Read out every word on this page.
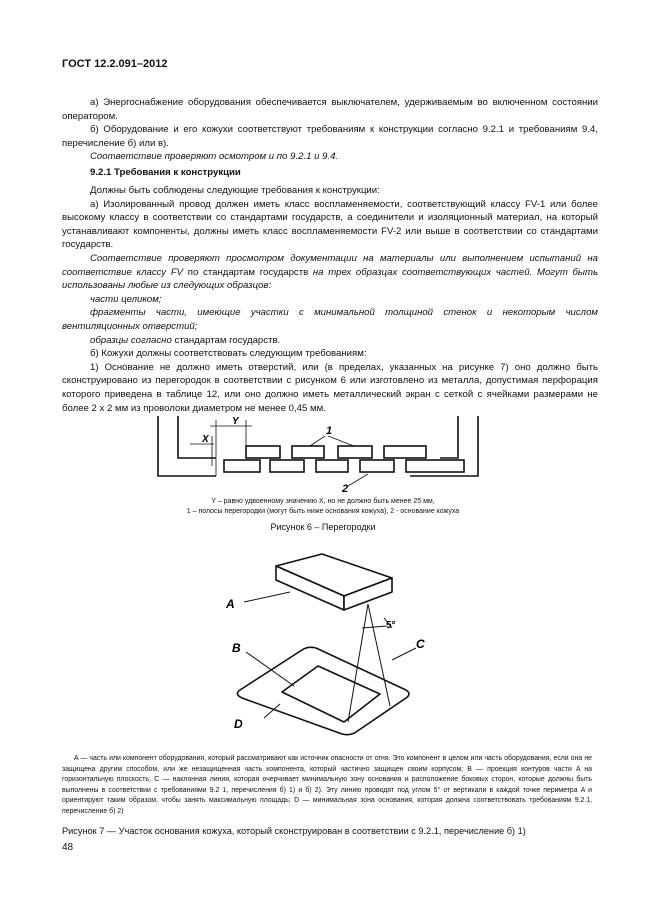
ГОСТ 12.2.091–2012

а) Энергоснабжение оборудования обеспечивается выключателем, удерживаемым во включенном состоянии оператором.

б) Оборудование и его кожухи соответствуют требованиям к конструкции согласно 9.2.1 и требованиям 9.4, перечисление б) или в).

Соответствие проверяют осмотром и по 9.2.1 и 9.4.

9.2.1 Требования к конструкции

Должны быть соблюдены следующие требования к конструкции:

а) Изолированный провод должен иметь класс воспламеняемости, соответствующий классу FV-1 или более высокому классу в соответствии со стандартами государств, а соединители и изоляционный материал, на который устанавливают компоненты, должны иметь класс воспламеняемости FV-2 или выше в соответствии со стандартами государств.

Соответствие проверяют просмотром документации на материалы или выполнением испытаний на соответствие классу FV по стандартам государств на трех образцах соответствующих частей. Могут быть использованы любые из следующих образцов:

части целиком;

фрагменты части, имеющие участки с минимальной толщиной стенок и некоторым числом вентиляционных отверстий;

образцы согласно стандартам государств.

б) Кожухи должны соответствовать следующим требованиям:

1) Основание не должно иметь отверстий, или (в пределах, указанных на рисунке 7) оно должно быть сконструировано из перегородок в соответствии с рисунком 6 или изготовлено из металла, допустимая перфорация которого приведена в таблице 12, или оно должно иметь металлический экран с сеткой с ячейками размерами не более 2 х 2 мм из проволоки диаметром не менее 0,45 мм.

Y
X
1
2
Y – равно удвоенному значению X, но не должно быть менее 25 мм,
1 – полосы перегородки (могут быть ниже основания кожуха), 2 - основание кожуха
Рисунок 6 – Перегородки
A
B	C
D
5°

A — часть или компонент оборудования, который рассматривают как источник опасности от огня. Это компонент в целом или часть оборудования, если она не защищена другим способом, или же незащищенная часть компонента, который частично защищен своим корпусом; B — проекция контуров части A на горизонтальную плоскость; C — наклонная линия, которая очерчивает минимальную зону основания и расположение боковых сторон, которые должны быть выполнены в соответствии с требованиями 9.2 1, перечисления б) 1) и б) 2). Эту линию проводят под углом 5° от вертикали в каждой точке периметра A и ориентируют таким образом, чтобы занять максимальную площадь; D — минимальная зона основания, которая должна соответствовать требованиям 9.2.1, перечисление б) 2)

Рисунок 7 — Участок основания кожуха, который сконструирован в соответствии с 9.2.1, перечисление б) 1)
48
